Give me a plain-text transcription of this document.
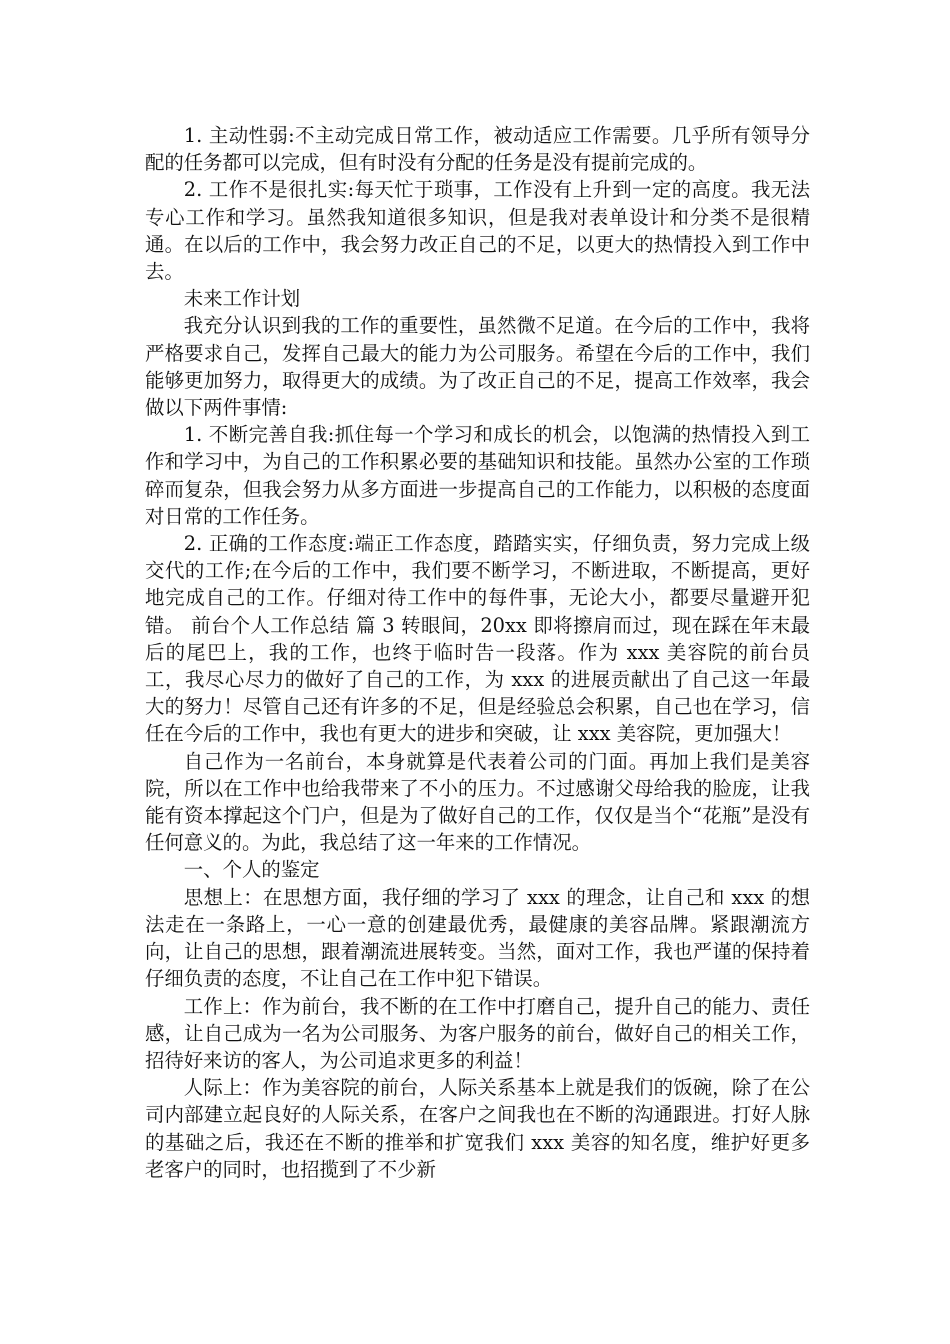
1. 主动性弱:不主动完成日常工作，被动适应工作需要。几乎所有领导分配的任务都可以完成，但有时没有分配的任务是没有提前完成的。

2. 工作不是很扎实:每天忙于琐事，工作没有上升到一定的高度。我无法专心工作和学习。虽然我知道很多知识，但是我对表单设计和分类不是很精通。在以后的工作中，我会努力改正自己的不足，以更大的热情投入到工作中去。

未来工作计划

我充分认识到我的工作的重要性，虽然微不足道。在今后的工作中，我将严格要求自己，发挥自己最大的能力为公司服务。希望在今后的工作中，我们能够更加努力，取得更大的成绩。为了改正自己的不足，提高工作效率，我会做以下两件事情:

1. 不断完善自我:抓住每一个学习和成长的机会，以饱满的热情投入到工作和学习中，为自己的工作积累必要的基础知识和技能。虽然办公室的工作琐碎而复杂，但我会努力从多方面进一步提高自己的工作能力，以积极的态度面对日常的工作任务。

2. 正确的工作态度:端正工作态度，踏踏实实，仔细负责，努力完成上级交代的工作;在今后的工作中，我们要不断学习，不断进取，不断提高，更好地完成自己的工作。仔细对待工作中的每件事，无论大小，都要尽量避开犯错。 前台个人工作总结 篇 3 转眼间，20xx 即将擦肩而过，现在踩在年末最后的尾巴上，我的工作，也终于临时告一段落。作为 xxx 美容院的前台员工，我尽心尽力的做好了自己的工作，为 xxx 的进展贡献出了自己这一年最大的努力！尽管自己还有许多的不足，但是经验总会积累，自己也在学习，信任在今后的工作中，我也有更大的进步和突破，让 xxx 美容院，更加强大！

自己作为一名前台，本身就算是代表着公司的门面。再加上我们是美容院，所以在工作中也给我带来了不小的压力。不过感谢父母给我的脸庞，让我能有资本撑起这个门户，但是为了做好自己的工作，仅仅是当个“花瓶”是没有任何意义的。为此，我总结了这一年来的工作情况。

一、个人的鉴定

思想上：在思想方面，我仔细的学习了 xxx 的理念，让自己和 xxx 的想法走在一条路上，一心一意的创建最优秀，最健康的美容品牌。紧跟潮流方向，让自己的思想，跟着潮流进展转变。当然，面对工作，我也严谨的保持着仔细负责的态度，不让自己在工作中犯下错误。

工作上：作为前台，我不断的在工作中打磨自己，提升自己的能力、责任感，让自己成为一名为公司服务、为客户服务的前台，做好自己的相关工作，招待好来访的客人，为公司追求更多的利益！

人际上：作为美容院的前台，人际关系基本上就是我们的饭碗，除了在公司内部建立起良好的人际关系，在客户之间我也在不断的沟通跟进。打好人脉的基础之后，我还在不断的推举和扩宽我们 xxx 美容的知名度，维护好更多老客户的同时，也招揽到了不少新
